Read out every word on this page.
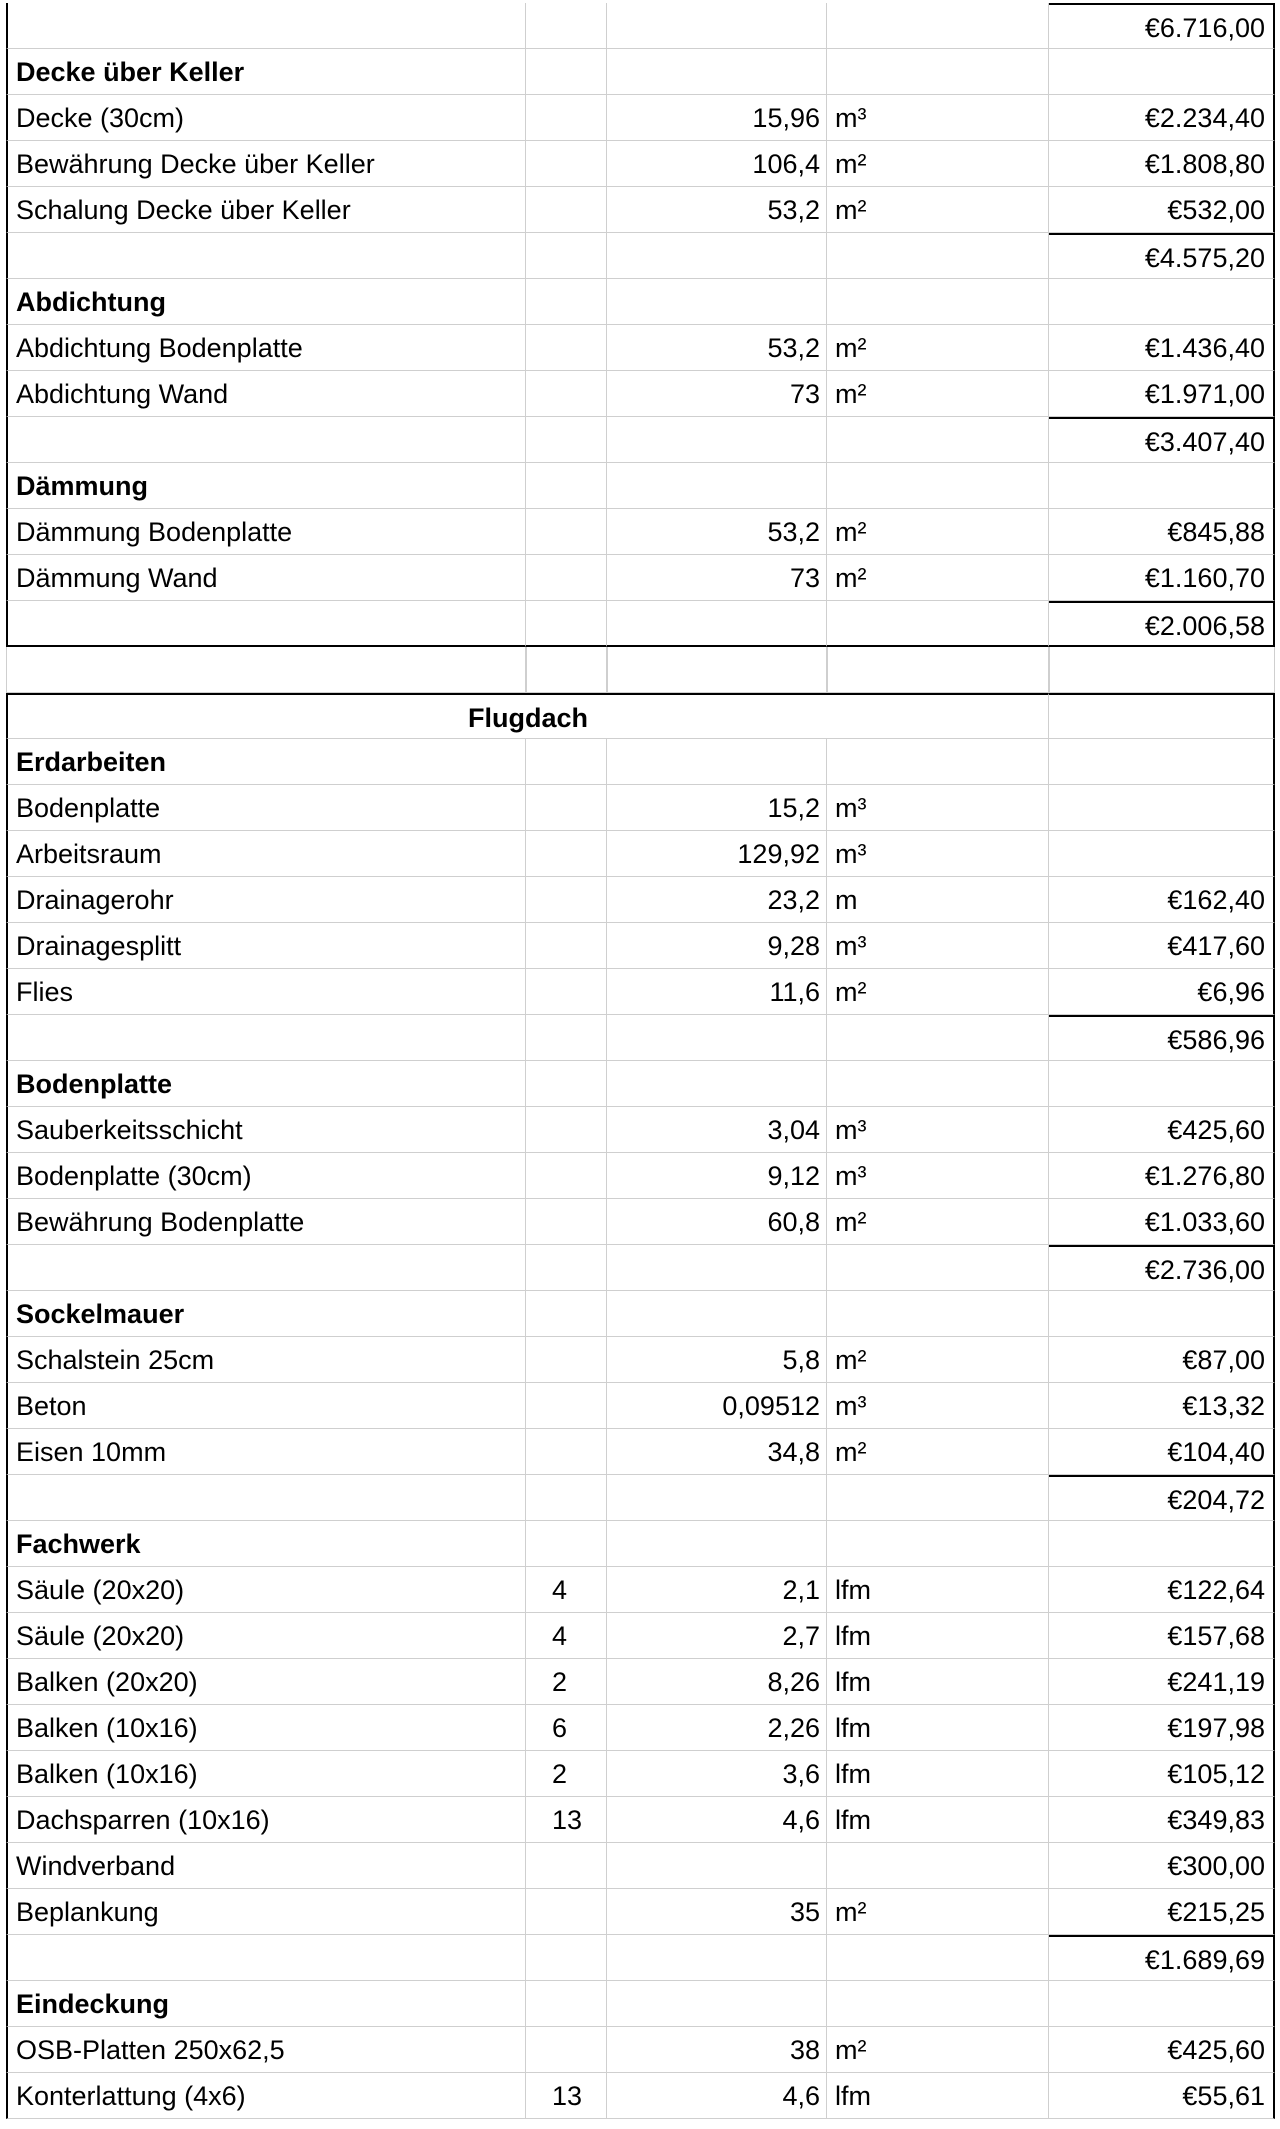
€6.716,00
Decke über Keller
Decke (30cm)	15,96 m³	€2.234,40
Bewährung Decke über Keller	106,4 m²	€1.808,80
Schalung Decke über Keller	53,2 m²	€532,00
€4.575,20
Abdichtung
Abdichtung Bodenplatte	53,2 m²	€1.436,40
Abdichtung Wand	73 m²	€1.971,00
€3.407,40
Dämmung
Dämmung Bodenplatte	53,2 m²	€845,88
Dämmung Wand	73 m²	€1.160,70
€2.006,58
Flugdach
Erdarbeiten
Bodenplatte	15,2 m³
Arbeitsraum	129,92 m³
Drainagerohr	23,2 m	€162,40
Drainagesplitt	9,28 m³	€417,60
Flies	11,6 m²	€6,96
€586,96
Bodenplatte
Sauberkeitsschicht	3,04 m³	€425,60
Bodenplatte (30cm)	9,12 m³	€1.276,80
Bewährung Bodenplatte	60,8 m²	€1.033,60
€2.736,00
Sockelmauer
Schalstein 25cm	5,8 m²	€87,00
Beton	0,09512 m³	€13,32
Eisen 10mm	34,8 m²	€104,40
€204,72
Fachwerk
Säule (20x20)	4	2,1 lfm	€122,64
Säule (20x20)	4	2,7 lfm	€157,68
Balken (20x20)	2	8,26 lfm	€241,19
Balken (10x16)	6	2,26 lfm	€197,98
Balken (10x16)	2	3,6 lfm	€105,12
Dachsparren (10x16)	13	4,6 lfm	€349,83
Windverband	€300,00
Beplankung	35 m²	€215,25
€1.689,69
Eindeckung
OSB-Platten 250x62,5	38 m²	€425,60
Konterlattung (4x6)	13	4,6 lfm	€55,61
